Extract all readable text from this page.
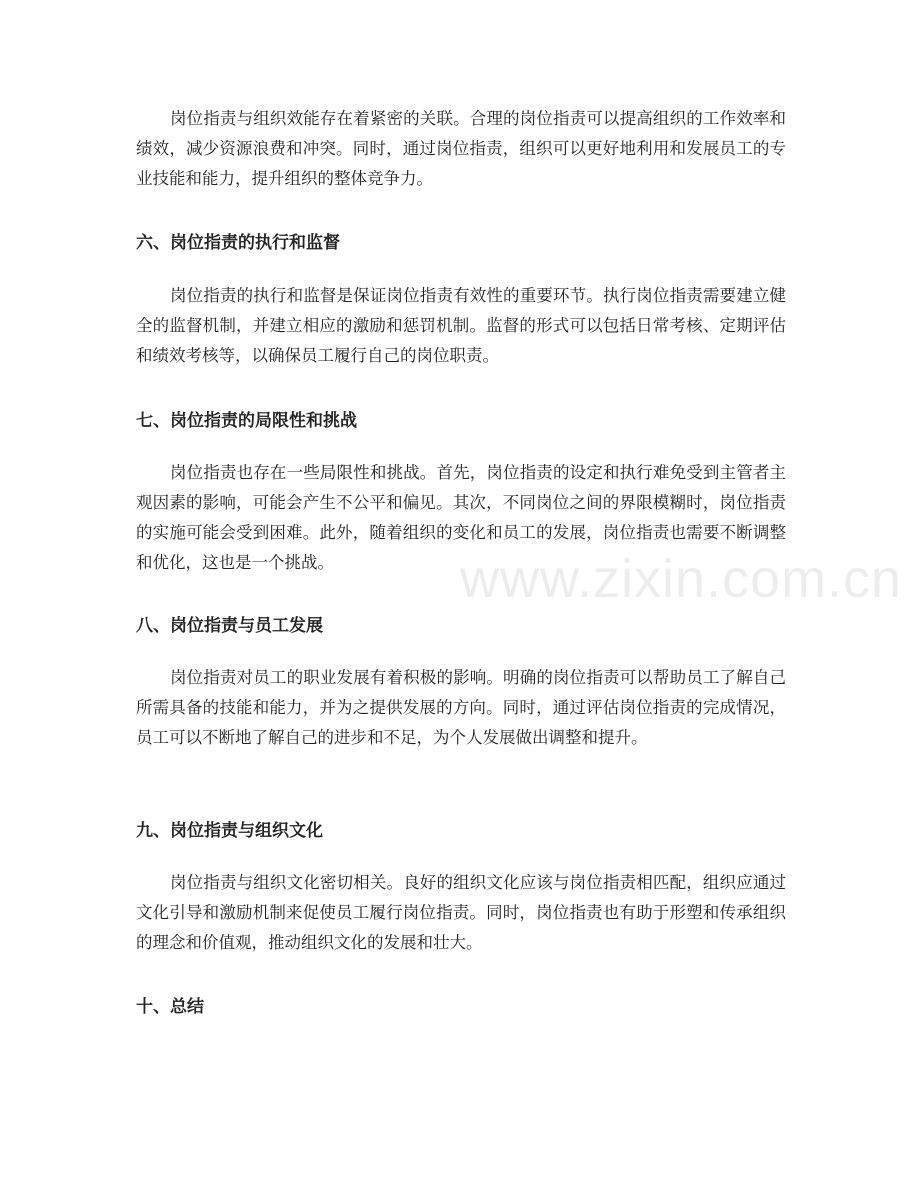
www.zixin.com.cn

岗位指责与组织效能存在着紧密的关联。合理的岗位指责可以提高组织的工作效率和绩效，减少资源浪费和冲突。同时，通过岗位指责，组织可以更好地利用和发展员工的专业技能和能力，提升组织的整体竞争力。

六、岗位指责的执行和监督

岗位指责的执行和监督是保证岗位指责有效性的重要环节。执行岗位指责需要建立健全的监督机制，并建立相应的激励和惩罚机制。监督的形式可以包括日常考核、定期评估和绩效考核等，以确保员工履行自己的岗位职责。

七、岗位指责的局限性和挑战

岗位指责也存在一些局限性和挑战。首先，岗位指责的设定和执行难免受到主管者主观因素的影响，可能会产生不公平和偏见。其次，不同岗位之间的界限模糊时，岗位指责的实施可能会受到困难。此外，随着组织的变化和员工的发展，岗位指责也需要不断调整和优化，这也是一个挑战。

八、岗位指责与员工发展

岗位指责对员工的职业发展有着积极的影响。明确的岗位指责可以帮助员工了解自己所需具备的技能和能力，并为之提供发展的方向。同时，通过评估岗位指责的完成情况，员工可以不断地了解自己的进步和不足，为个人发展做出调整和提升。

九、岗位指责与组织文化

岗位指责与组织文化密切相关。良好的组织文化应该与岗位指责相匹配，组织应通过文化引导和激励机制来促使员工履行岗位指责。同时，岗位指责也有助于形塑和传承组织的理念和价值观，推动组织文化的发展和壮大。

十、总结
